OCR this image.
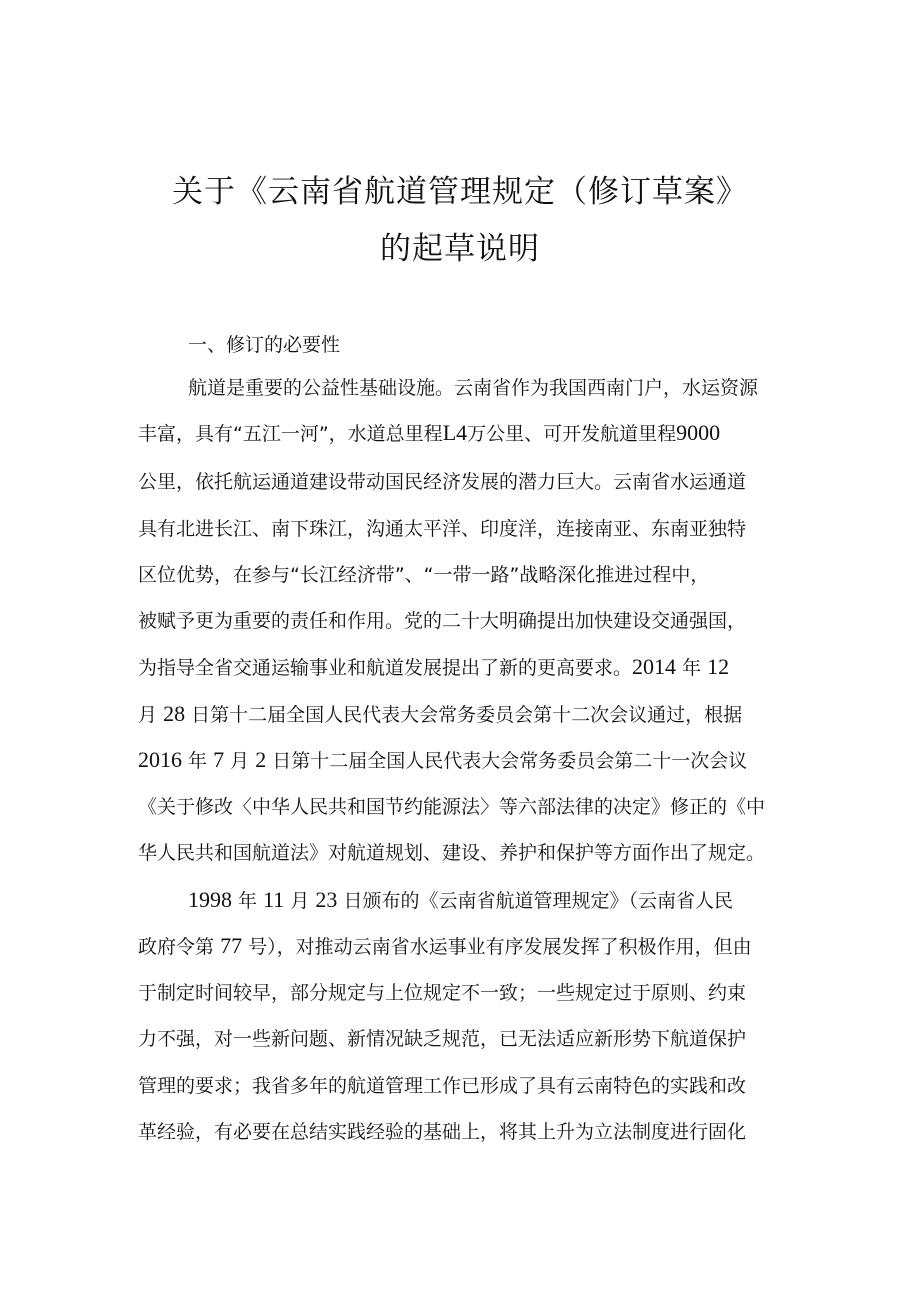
关于《云南省航道管理规定（修订草案》
的起草说明
一、修订的必要性
航道是重要的公益性基础设施。云南省作为我国西南门户，水运资源
丰富，具有“五江一河”，水道总里程L4万公里、可开发航道里程9000
公里，依托航运通道建设带动国民经济发展的潜力巨大。云南省水运通道
具有北进长江、南下珠江，沟通太平洋、印度洋，连接南亚、东南亚独特
区位优势，在参与“长江经济带”、“一带一路”战略深化推进过程中，
被赋予更为重要的责任和作用。党的二十大明确提出加快建设交通强国，
为指导全省交通运输事业和航道发展提出了新的更高要求。2014 年 12
月 28 日第十二届全国人民代表大会常务委员会第十二次会议通过，根据
2016 年 7 月 2 日第十二届全国人民代表大会常务委员会第二十一次会议
《关于修改〈中华人民共和国节约能源法〉等六部法律的决定》修正的《中
华人民共和国航道法》对航道规划、建设、养护和保护等方面作出了规定。
1998 年 11 月 23 日颁布的《云南省航道管理规定》（云南省人民
政府令第 77 号），对推动云南省水运事业有序发展发挥了积极作用，但由
于制定时间较早，部分规定与上位规定不一致；一些规定过于原则、约束
力不强，对一些新问题、新情况缺乏规范，已无法适应新形势下航道保护
管理的要求；我省多年的航道管理工作已形成了具有云南特色的实践和改
革经验，有必要在总结实践经验的基础上，将其上升为立法制度进行固化
